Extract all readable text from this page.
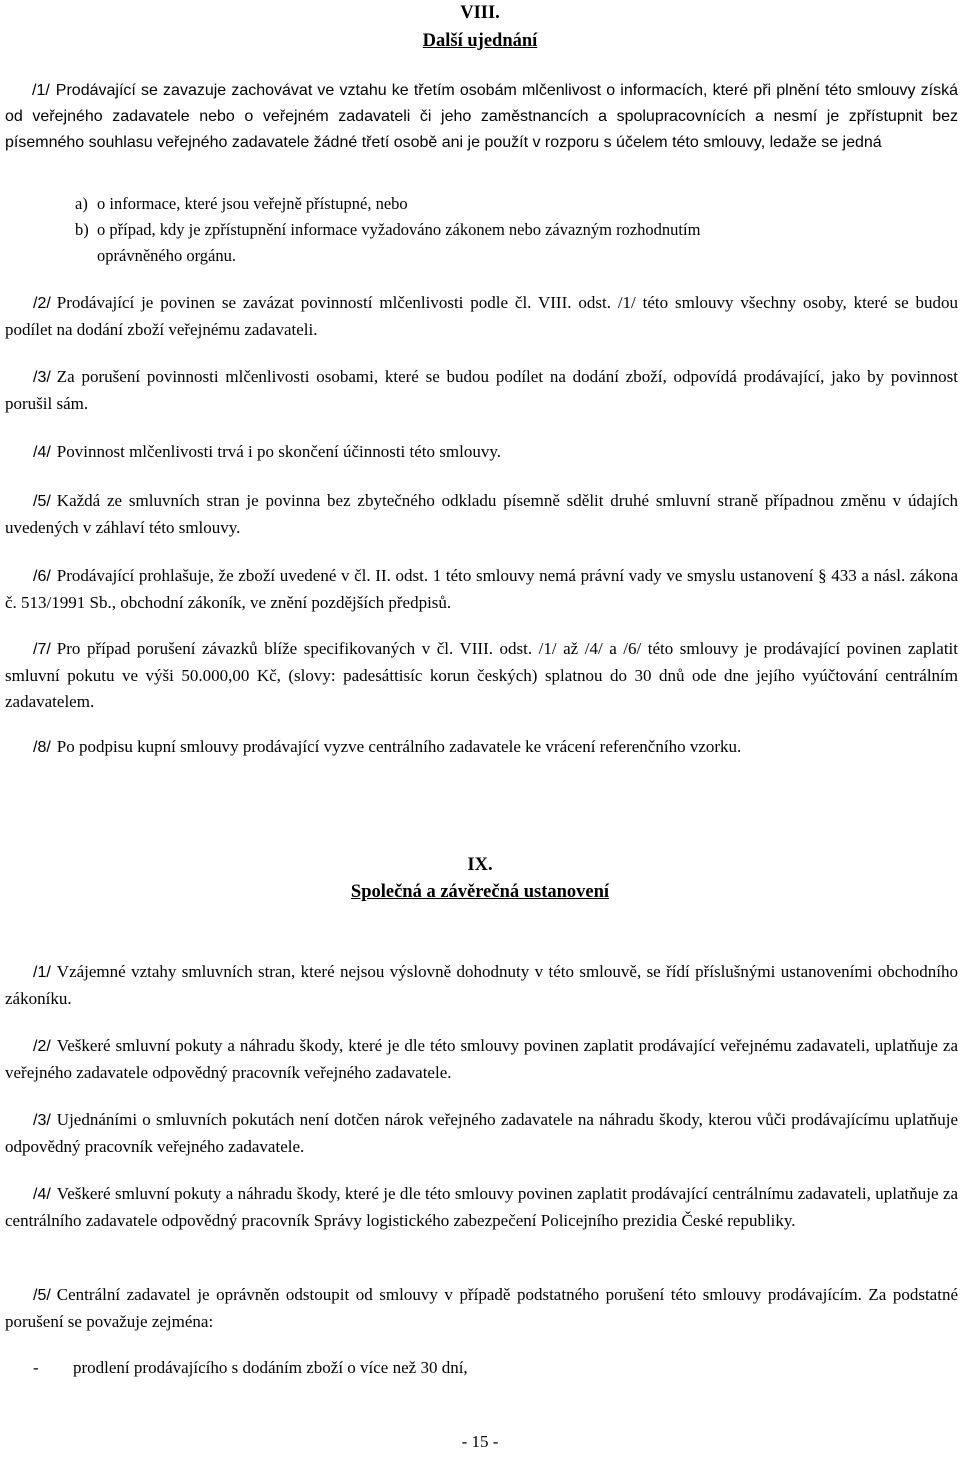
VIII.

Další ujednání

/1/ Prodávající se zavazuje zachovávat ve vztahu ke třetím osobám mlčenlivost o informacích, které při plnění této smlouvy získá od veřejného zadavatele nebo o veřejném zadavateli či jeho zaměstnancích a spolupracovnících a nesmí je zpřístupnit bez písemného souhlasu veřejného zadavatele žádné třetí osobě ani je použít v rozporu s účelem této smlouvy, ledaže se jedná

a) o informace, které jsou veřejně přístupné, nebo

b) o případ, kdy je zpřístupnění informace vyžadováno zákonem nebo závazným rozhodnutím
oprávněného orgánu.

/2/ Prodávající je povinen se zavázat povinností mlčenlivosti podle čl. VIII. odst. /1/ této smlouvy všechny osoby, které se budou podílet na dodání zboží veřejnému zadavateli.

/3/ Za porušení povinnosti mlčenlivosti osobami, které se budou podílet na dodání zboží, odpovídá prodávající, jako by povinnost porušil sám.

/4/ Povinnost mlčenlivosti trvá i po skončení účinnosti této smlouvy.

/5/ Každá ze smluvních stran je povinna bez zbytečného odkladu písemně sdělit druhé smluvní straně případnou změnu v údajích uvedených v záhlaví této smlouvy.

/6/ Prodávající prohlašuje, že zboží uvedené v čl. II. odst. 1 této smlouvy nemá právní vady ve smyslu ustanovení § 433 a násl. zákona č. 513/1991 Sb., obchodní zákoník, ve znění pozdějších předpisů.

/7/ Pro případ porušení závazků blíže specifikovaných v čl. VIII. odst. /1/ až /4/ a /6/ této smlouvy je prodávající povinen zaplatit smluvní pokutu ve výši 50.000,00 Kč, (slovy: padesáttisíc korun českých) splatnou do 30 dnů ode dne jejího vyúčtování centrálním zadavatelem.

/8/ Po podpisu kupní smlouvy prodávající vyzve centrálního zadavatele ke vrácení referenčního vzorku.

IX.

Společná a závěrečná ustanovení

/1/ Vzájemné vztahy smluvních stran, které nejsou výslovně dohodnuty v této smlouvě, se řídí příslušnými ustanoveními obchodního zákoníku.

/2/ Veškeré smluvní pokuty a náhradu škody, které je dle této smlouvy povinen zaplatit prodávající veřejnému zadavateli, uplatňuje za veřejného zadavatele odpovědný pracovník veřejného zadavatele.

/3/ Ujednáními o smluvních pokutách není dotčen nárok veřejného zadavatele na náhradu škody, kterou vůči prodávajícímu uplatňuje odpovědný pracovník veřejného zadavatele.

/4/ Veškeré smluvní pokuty a náhradu škody, které je dle této smlouvy povinen zaplatit prodávající centrálnímu zadavateli, uplatňuje za centrálního zadavatele odpovědný pracovník Správy logistického zabezpečení Policejního prezidia České republiky.

/5/ Centrální zadavatel je oprávněn odstoupit od smlouvy v případě podstatného porušení této smlouvy prodávajícím. Za podstatné porušení se považuje zejména:

- prodlení prodávajícího s dodáním zboží o více než 30 dní,

- 15 -
